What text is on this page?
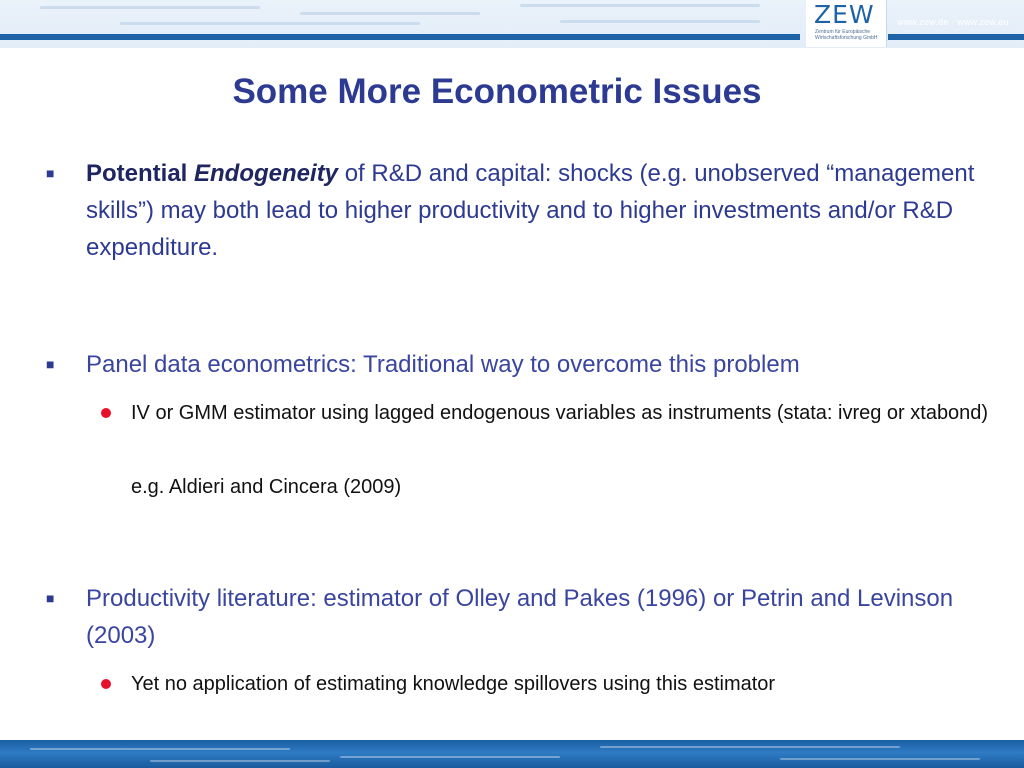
ZEW
Zentrum für Europäische Wirtschaftsforschung GmbH
www.zew.de · www.zew.eu
Some More Econometric Issues
■ Potential Endogeneity of R&D and capital: shocks (e.g. unobserved “management skills”) may both lead to higher productivity and to higher investments and/or R&D expenditure.
■ Panel data econometrics: Traditional way to overcome this problem
IV or GMM estimator using lagged endogenous variables as instruments (stata: ivreg or xtabond)
e.g. Aldieri and Cincera (2009)
■ Productivity literature: estimator of Olley and Pakes (1996) or Petrin and Levinson (2003)
Yet no application of estimating knowledge spillovers using this estimator
